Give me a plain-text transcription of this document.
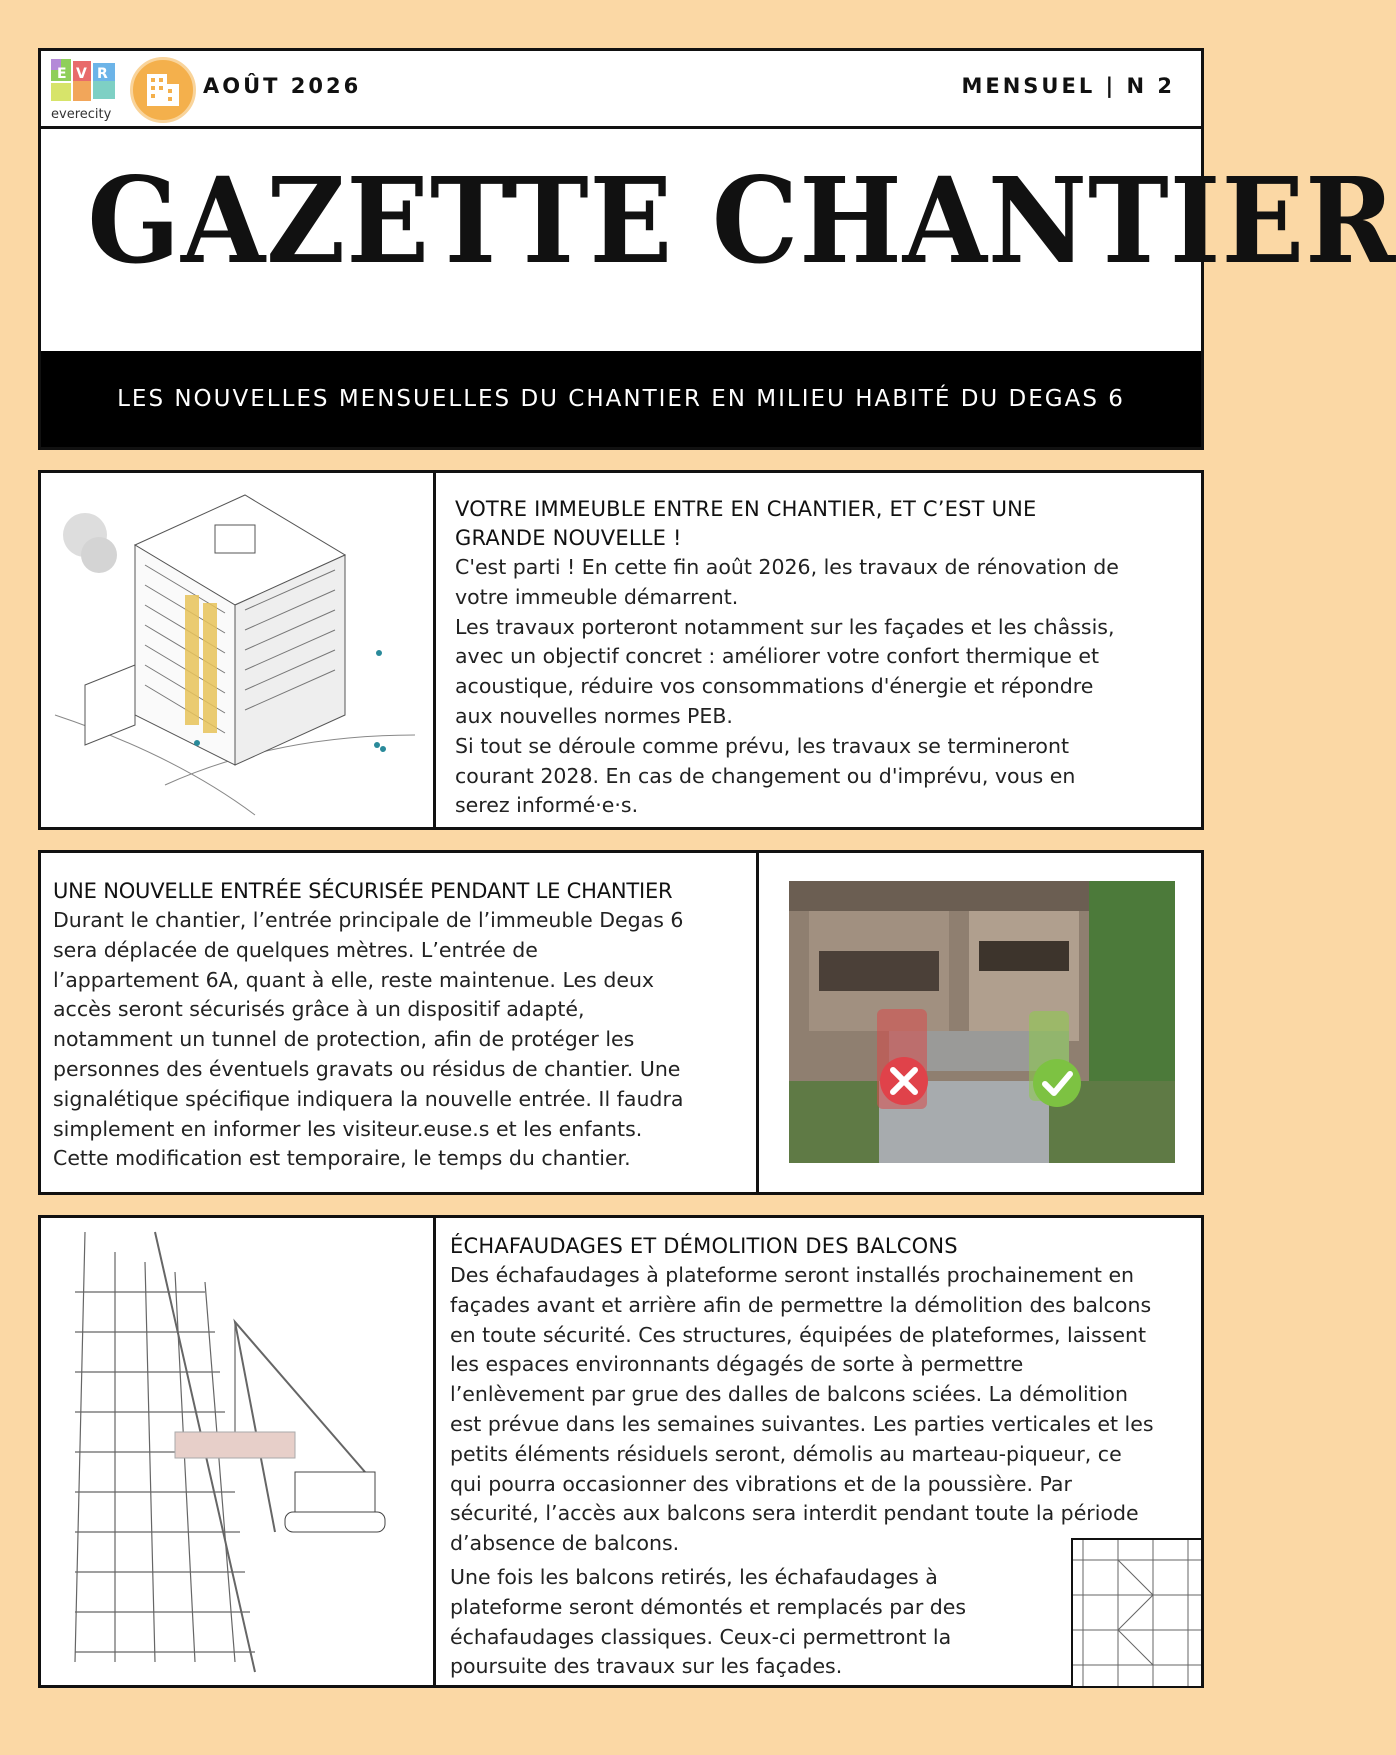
E V R
everecity
AOÛT 2026	MENSUEL | N 2
GAZETTE CHANTIER
LES NOUVELLES MENSUELLES DU CHANTIER EN MILIEU HABITÉ DU DEGAS 6
VOTRE IMMEUBLE ENTRE EN CHANTIER, ET C’EST UNE
GRANDE NOUVELLE !
C'est parti ! En cette fin août 2026, les travaux de rénovation de
votre immeuble démarrent.
Les travaux porteront notamment sur les façades et les châssis,
avec un objectif concret : améliorer votre confort thermique et
acoustique, réduire vos consommations d'énergie et répondre
aux nouvelles normes PEB.
Si tout se déroule comme prévu, les travaux se termineront
courant 2028. En cas de changement ou d'imprévu, vous en
serez informé·e·s.
UNE NOUVELLE ENTRÉE SÉCURISÉE PENDANT LE CHANTIER
Durant le chantier, l’entrée principale de l’immeuble Degas 6
sera déplacée de quelques mètres. L’entrée de
l’appartement 6A, quant à elle, reste maintenue. Les deux
accès seront sécurisés grâce à un dispositif adapté,
notamment un tunnel de protection, afin de protéger les
personnes des éventuels gravats ou résidus de chantier. Une
signalétique spécifique indiquera la nouvelle entrée. Il faudra
simplement en informer les visiteur.euse.s et les enfants.
Cette modification est temporaire, le temps du chantier.
ÉCHAFAUDAGES ET DÉMOLITION DES BALCONS
Des échafaudages à plateforme seront installés prochainement en
façades avant et arrière afin de permettre la démolition des balcons
en toute sécurité. Ces structures, équipées de plateformes, laissent
les espaces environnants dégagés de sorte à permettre
l’enlèvement par grue des dalles de balcons sciées. La démolition
est prévue dans les semaines suivantes. Les parties verticales et les
petits éléments résiduels seront, démolis au marteau-piqueur, ce
qui pourra occasionner des vibrations et de la poussière. Par
sécurité, l’accès aux balcons sera interdit pendant toute la période
d’absence de balcons.
Une fois les balcons retirés, les échafaudages à
plateforme seront démontés et remplacés par des
échafaudages classiques. Ceux-ci permettront la
poursuite des travaux sur les façades.
